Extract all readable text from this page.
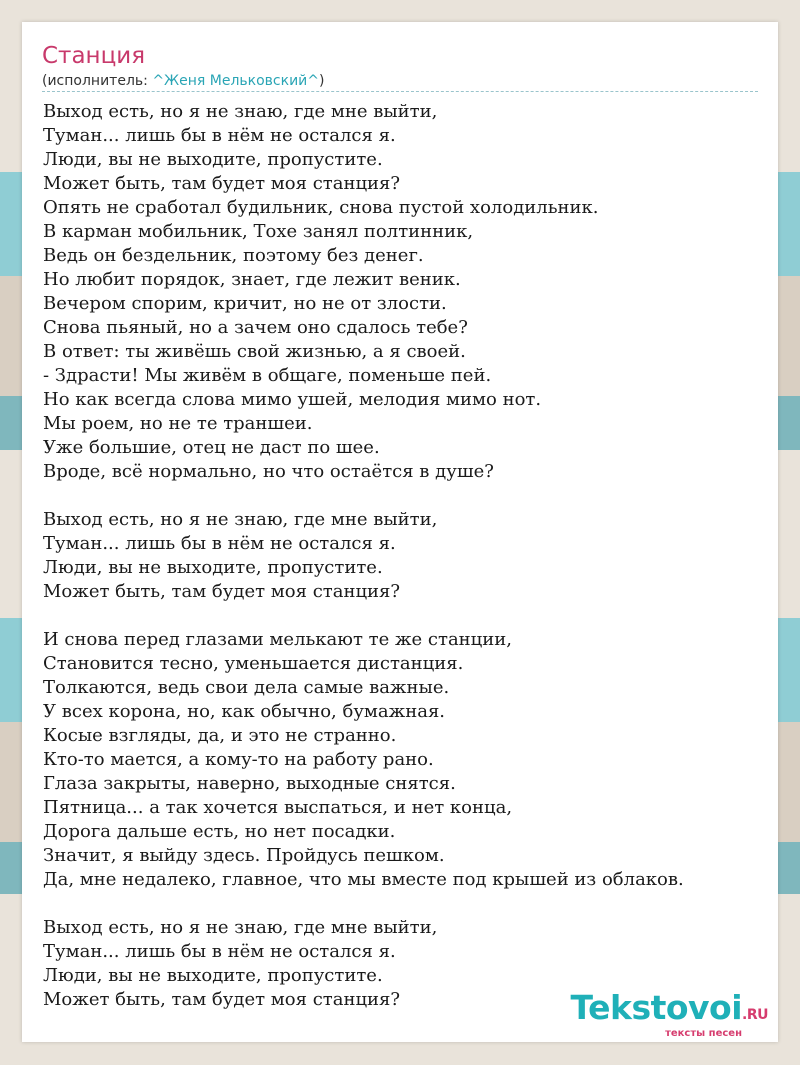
Станция
(исполнитель: ^Женя Мельковский^)
Выход есть, но я не знаю, где мне выйти,
Туман... лишь бы в нём не остался я.
Люди, вы не выходите, пропустите.
Может быть, там будет моя станция?
Опять не сработал будильник, снова пустой холодильник.
В карман мобильник, Тохе занял полтинник,
Ведь он бездельник, поэтому без денег.
Но любит порядок, знает, где лежит веник.
Вечером спорим, кричит, но не от злости.
Снова пьяный, но а зачем оно сдалось тебе?
В ответ: ты живёшь свой жизнью, а я своей.
- Здрасти! Мы живём в общаге, поменьше пей.
Но как всегда слова мимо ушей, мелодия мимо нот.
Мы роем, но не те траншеи.
Уже большие, отец не даст по шее.
Вроде, всё нормально, но что остаётся в душе?
Выход есть, но я не знаю, где мне выйти,
Туман... лишь бы в нём не остался я.
Люди, вы не выходите, пропустите.
Может быть, там будет моя станция?
И снова перед глазами мелькают те же станции,
Становится тесно, уменьшается дистанция.
Толкаются, ведь свои дела самые важные.
У всех корона, но, как обычно, бумажная.
Косые взгляды, да, и это не странно.
Кто-то мается, а кому-то на работу рано.
Глаза закрыты, наверно, выходные снятся.
Пятница... а так хочется выспаться, и нет конца,
Дорога дальше есть, но нет посадки.
Значит, я выйду здесь. Пройдусь пешком.
Да, мне недалеко, главное, что мы вместе под крышей из облаков.
Выход есть, но я не знаю, где мне выйти,
Туман... лишь бы в нём не остался я.
Люди, вы не выходите, пропустите.
Может быть, там будет моя станция?	Tekstovoi.RU
тексты песен
